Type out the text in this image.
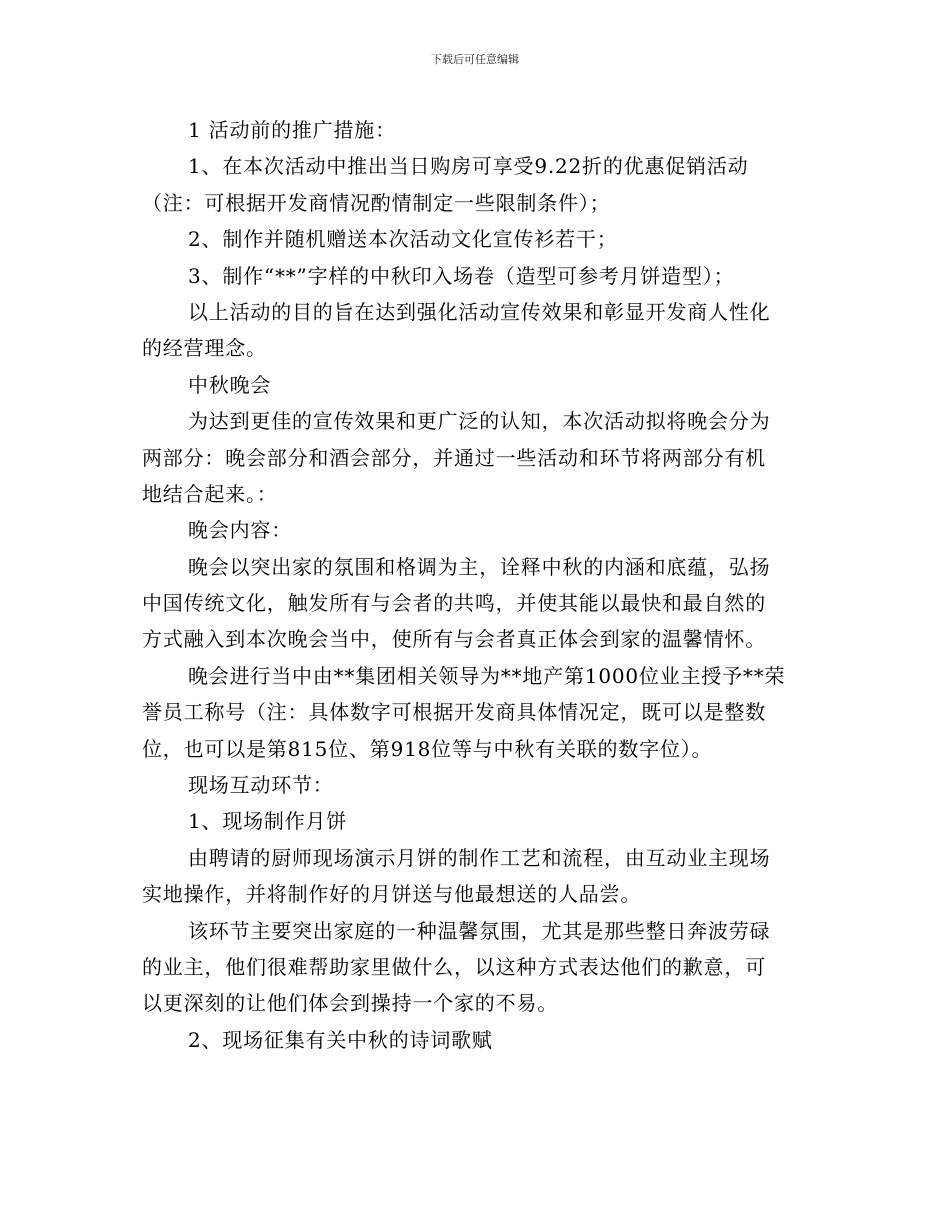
下载后可任意编辑
1 活动前的推广措施：
1、在本次活动中推出当日购房可享受9.22折的优惠促销活动
（注：可根据开发商情况酌情制定一些限制条件）；
2、制作并随机赠送本次活动文化宣传衫若干；
3、制作“**”字样的中秋印入场卷（造型可参考月饼造型）；
以上活动的目的旨在达到强化活动宣传效果和彰显开发商人性化
的经营理念。
中秋晚会
为达到更佳的宣传效果和更广泛的认知，本次活动拟将晚会分为
两部分：晚会部分和酒会部分，并通过一些活动和环节将两部分有机
地结合起来。：
晚会内容：
晚会以突出家的氛围和格调为主，诠释中秋的内涵和底蕴，弘扬
中国传统文化，触发所有与会者的共鸣，并使其能以最快和最自然的
方式融入到本次晚会当中，使所有与会者真正体会到家的温馨情怀。
晚会进行当中由**集团相关领导为**地产第1000位业主授予**荣
誉员工称号（注：具体数字可根据开发商具体情况定，既可以是整数
位，也可以是第815位、第918位等与中秋有关联的数字位）。
现场互动环节：
1、现场制作月饼
由聘请的厨师现场演示月饼的制作工艺和流程，由互动业主现场
实地操作，并将制作好的月饼送与他最想送的人品尝。
该环节主要突出家庭的一种温馨氛围，尤其是那些整日奔波劳碌
的业主，他们很难帮助家里做什么，以这种方式表达他们的歉意，可
以更深刻的让他们体会到操持一个家的不易。
2、现场征集有关中秋的诗词歌赋
